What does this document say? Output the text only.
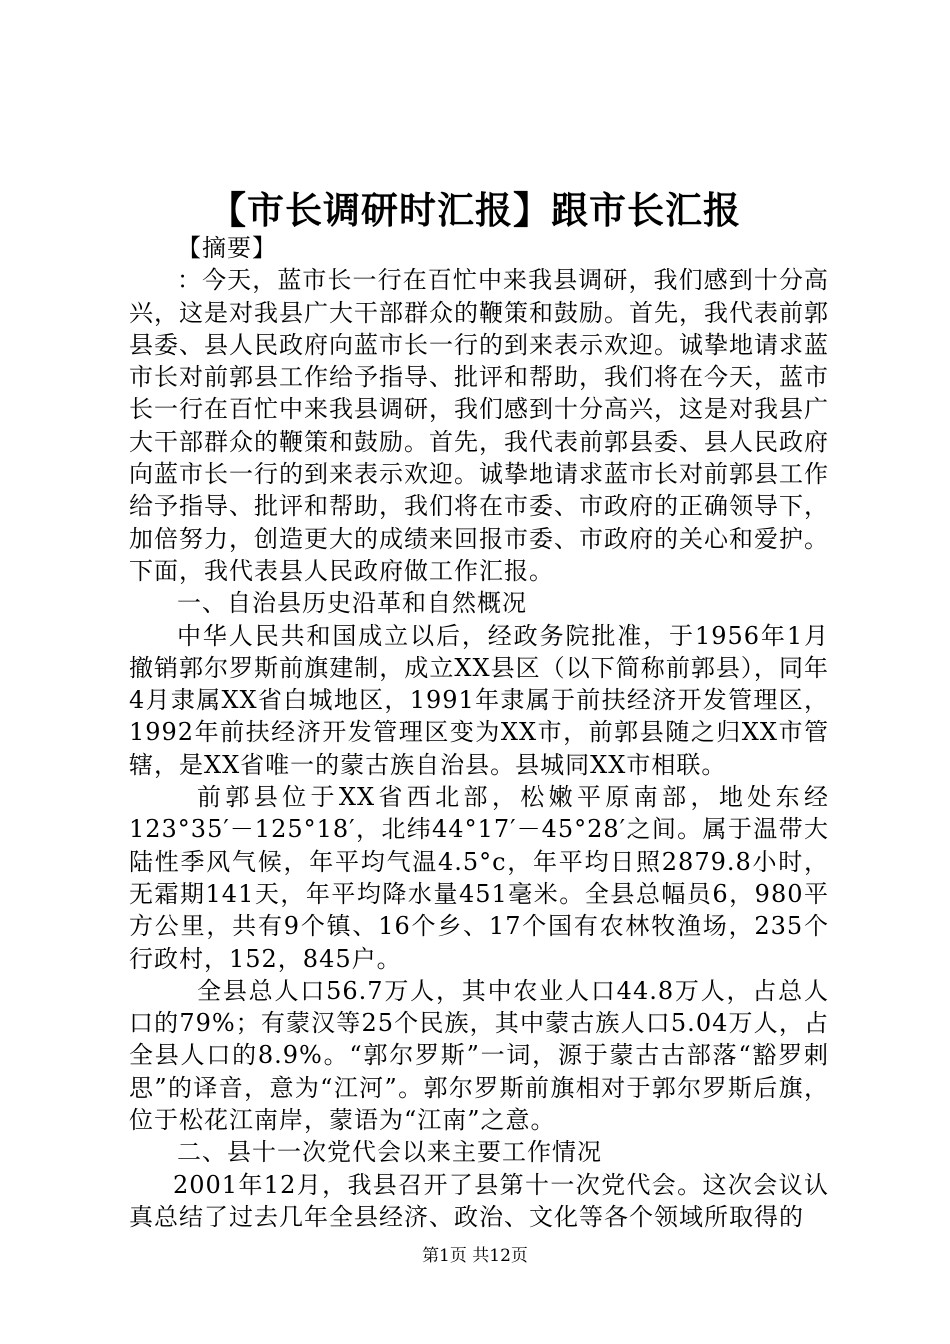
【市长调研时汇报】跟市长汇报

【摘要】

：今天，蓝市长一行在百忙中来我县调研，我们感到十分高兴，这是对我县广大干部群众的鞭策和鼓励。首先，我代表前郭县委、县人民政府向蓝市长一行的到来表示欢迎。诚挚地请求蓝市长对前郭县工作给予指导、批评和帮助，我们将在今天，蓝市长一行在百忙中来我县调研，我们感到十分高兴，这是对我县广大干部群众的鞭策和鼓励。首先，我代表前郭县委、县人民政府向蓝市长一行的到来表示欢迎。诚挚地请求蓝市长对前郭县工作给予指导、批评和帮助，我们将在市委、市政府的正确领导下，加倍努力，创造更大的成绩来回报市委、市政府的关心和爱护。下面，我代表县人民政府做工作汇报。

一、自治县历史沿革和自然概况

中华人民共和国成立以后，经政务院批准，于1956年1月撤销郭尔罗斯前旗建制，成立XX县区（以下简称前郭县），同年4月隶属XX省白城地区，1991年隶属于前扶经济开发管理区，1992年前扶经济开发管理区变为XX市，前郭县随之归XX市管辖，是XX省唯一的蒙古族自治县。县城同XX市相联。

前郭县位于XX省西北部，松嫩平原南部，地处东经123°35′－125°18′，北纬44°17′－45°28′之间。属于温带大陆性季风气候，年平均气温4.5°c，年平均日照2879.8小时，无霜期141天，年平均降水量451毫米。全县总幅员6，980平方公里，共有9个镇、16个乡、17个国有农林牧渔场，235个行政村，152，845户。

全县总人口56.7万人，其中农业人口44.8万人，占总人口的79%；有蒙汉等25个民族，其中蒙古族人口5.04万人，占全县人口的8.9%。“郭尔罗斯”一词，源于蒙古古部落“豁罗剌思”的译音，意为“江河”。郭尔罗斯前旗相对于郭尔罗斯后旗，位于松花江南岸，蒙语为“江南”之意。

二、县十一次党代会以来主要工作情况

2001年12月，我县召开了县第十一次党代会。这次会议认真总结了过去几年全县经济、政治、文化等各个领域所取得的

第1页 共12页
